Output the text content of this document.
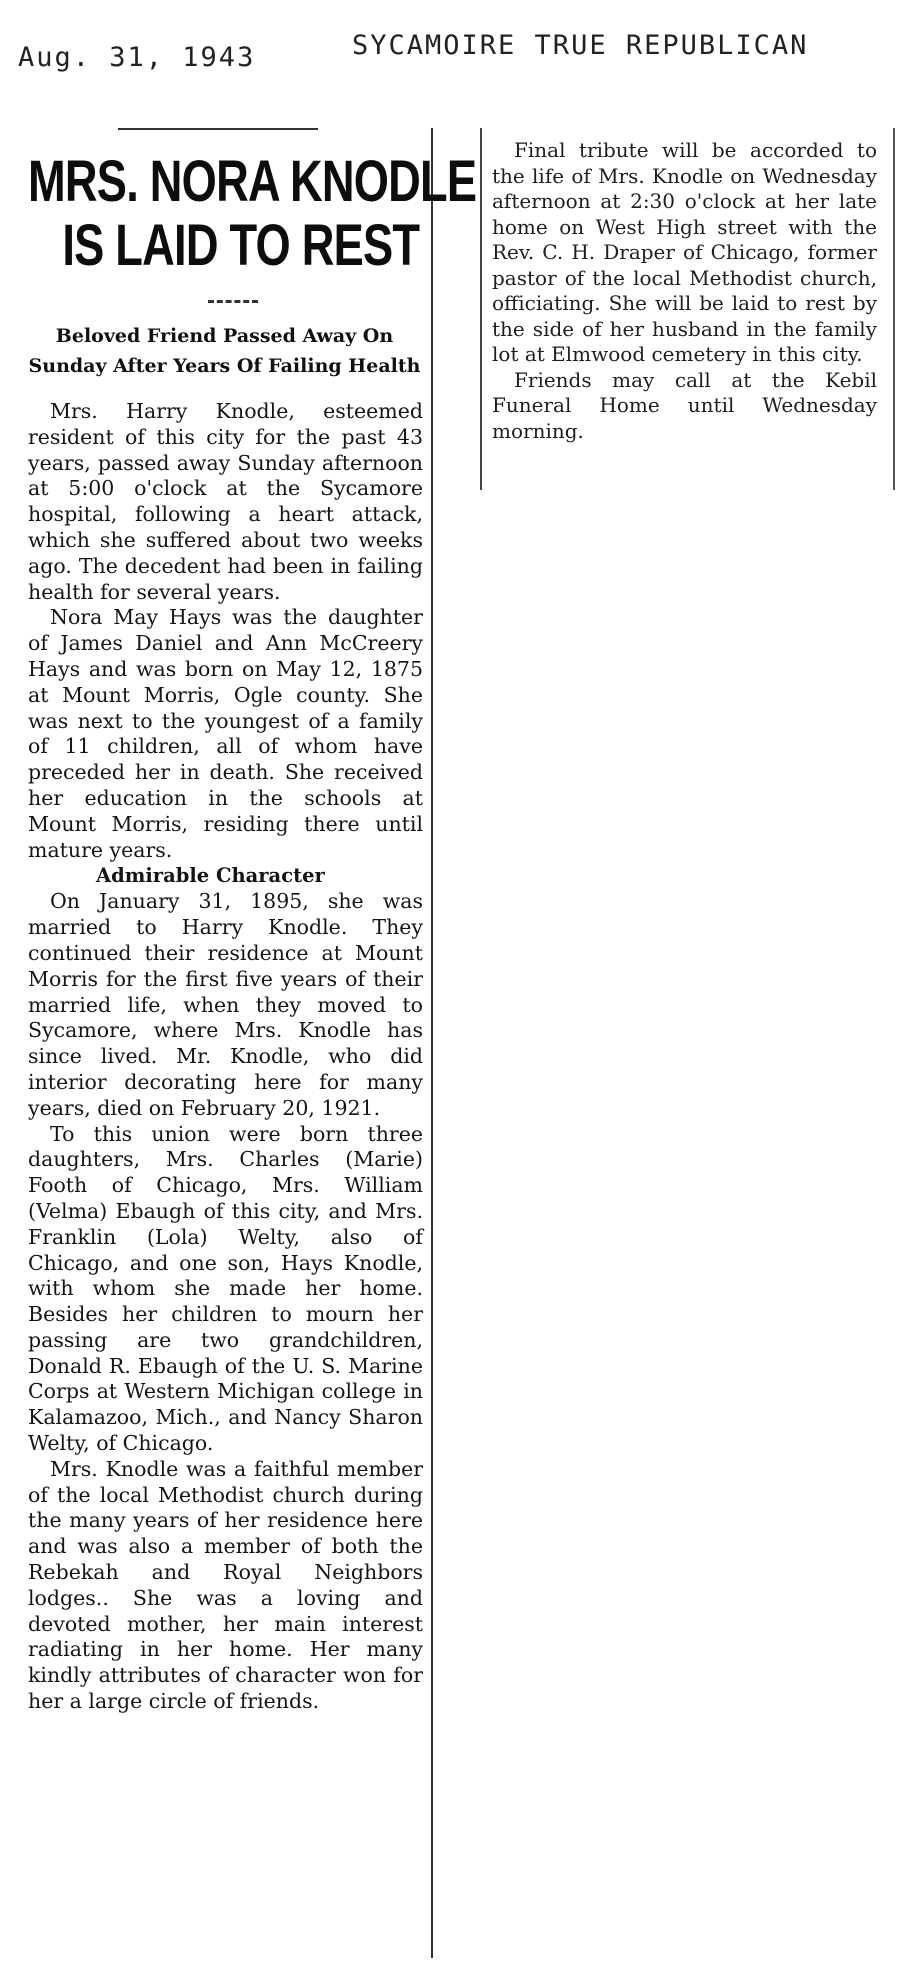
Aug. 31, 1943	SYCAMOIRE TRUE REPUBLICAN
MRS. NORA KNODLE
IS LAID TO REST
Beloved Friend Passed Away On Sunday After Years Of Failing Health

Mrs. Harry Knodle, esteemed resident of this city for the past 43 years, passed away Sunday afternoon at 5:00 o'clock at the Sycamore hospital, following a heart attack, which she suffered about two weeks ago. The decedent had been in failing health for several years.

Nora May Hays was the daughter of James Daniel and Ann McCreery Hays and was born on May 12, 1875 at Mount Morris, Ogle county. She was next to the youngest of a family of 11 children, all of whom have preceded her in death. She received her education in the schools at Mount Morris, residing there until mature years.

Admirable Character

On January 31, 1895, she was married to Harry Knodle. They continued their residence at Mount Morris for the first five years of their married life, when they moved to Sycamore, where Mrs. Knodle has since lived. Mr. Knodle, who did interior decorating here for many years, died on February 20, 1921.

To this union were born three daughters, Mrs. Charles (Marie) Footh of Chicago, Mrs. William (Velma) Ebaugh of this city, and Mrs. Franklin (Lola) Welty, also of Chicago, and one son, Hays Knodle, with whom she made her home. Besides her children to mourn her passing are two grandchildren, Donald R. Ebaugh of the U. S. Marine Corps at Western Michigan college in Kalamazoo, Mich., and Nancy Sharon Welty, of Chicago.

Mrs. Knodle was a faithful member of the local Methodist church during the many years of her residence here and was also a member of both the Rebekah and Royal Neighbors lodges.. She was a loving and devoted mother, her main interest radiating in her home. Her many kindly attributes of character won for her a large circle of friends.

Final tribute will be accorded to the life of Mrs. Knodle on Wednesday afternoon at 2:30 o'clock at her late home on West High street with the Rev. C. H. Draper of Chicago, former pastor of the local Methodist church, officiating. She will be laid to rest by the side of her husband in the family lot at Elmwood cemetery in this city.

Friends may call at the Kebil Funeral Home until Wednesday morning.
